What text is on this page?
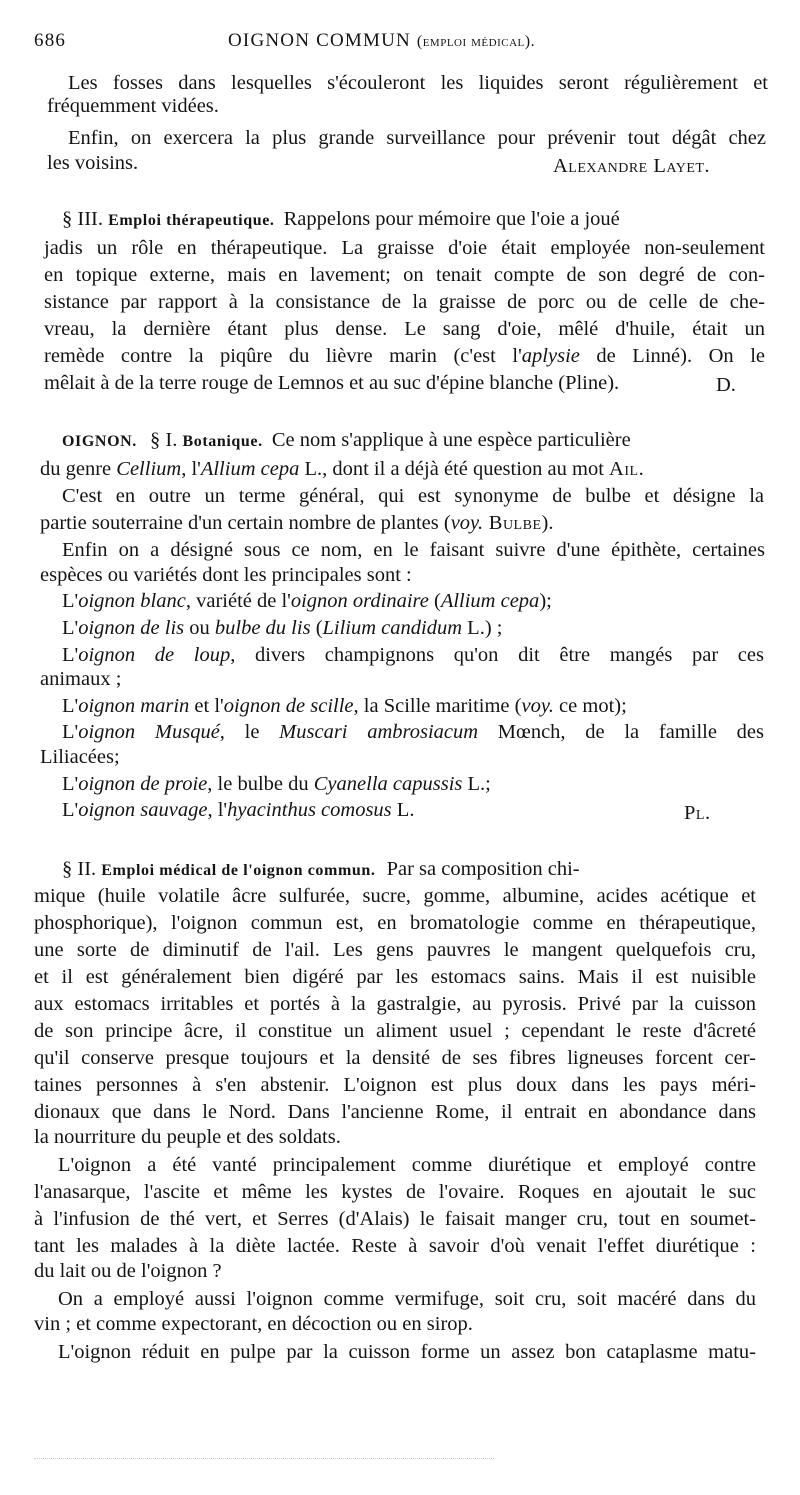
686	OIGNON COMMUN (emploi médical).
Les fosses dans lesquelles s'écouleront les liquides seront régulièrement et
fréquemment vidées.
Enfin, on exercera la plus grande surveillance pour prévenir tout dégât chez
les voisins.	Alexandre Layet.
§ III. Emploi thérapeutique. Rappelons pour mémoire que l'oie a joué
jadis un rôle en thérapeutique. La graisse d'oie était employée non-seulement
en topique externe, mais en lavement; on tenait compte de son degré de con-
sistance par rapport à la consistance de la graisse de porc ou de celle de che-
vreau, la dernière étant plus dense. Le sang d'oie, mêlé d'huile, était un
remède contre la piqûre du lièvre marin (c'est l'aplysie de Linné). On le
mêlait à de la terre rouge de Lemnos et au suc d'épine blanche (Pline).	D.
OIGNON. § I. Botanique. Ce nom s'applique à une espèce particulière
du genre Cellium, l'Allium cepa L., dont il a déjà été question au mot Ail.
C'est en outre un terme général, qui est synonyme de bulbe et désigne la
partie souterraine d'un certain nombre de plantes (voy. Bulbe).
Enfin on a désigné sous ce nom, en le faisant suivre d'une épithète, certaines
espèces ou variétés dont les principales sont :
L'oignon blanc, variété de l'oignon ordinaire (Allium cepa);
L'oignon de lis ou bulbe du lis (Lilium candidum L.) ;
L'oignon de loup, divers champignons qu'on dit être mangés par ces
animaux ;
L'oignon marin et l'oignon de scille, la Scille maritime (voy. ce mot);
L'oignon Musqué, le Muscari ambrosiacum Mœnch, de la famille des
Liliacées;
L'oignon de proie, le bulbe du Cyanella capussis L.;
L'oignon sauvage, l'hyacinthus comosus L.	Pl.
§ II. Emploi médical de l'oignon commun. Par sa composition chi-
mique (huile volatile âcre sulfurée, sucre, gomme, albumine, acides acétique et
phosphorique), l'oignon commun est, en bromatologie comme en thérapeutique,
une sorte de diminutif de l'ail. Les gens pauvres le mangent quelquefois cru,
et il est généralement bien digéré par les estomacs sains. Mais il est nuisible
aux estomacs irritables et portés à la gastralgie, au pyrosis. Privé par la cuisson
de son principe âcre, il constitue un aliment usuel ; cependant le reste d'âcreté
qu'il conserve presque toujours et la densité de ses fibres ligneuses forcent cer-
taines personnes à s'en abstenir. L'oignon est plus doux dans les pays méri-
dionaux que dans le Nord. Dans l'ancienne Rome, il entrait en abondance dans
la nourriture du peuple et des soldats.
L'oignon a été vanté principalement comme diurétique et employé contre
l'anasarque, l'ascite et même les kystes de l'ovaire. Roques en ajoutait le suc
à l'infusion de thé vert, et Serres (d'Alais) le faisait manger cru, tout en soumet-
tant les malades à la diète lactée. Reste à savoir d'où venait l'effet diurétique :
du lait ou de l'oignon ?
On a employé aussi l'oignon comme vermifuge, soit cru, soit macéré dans du
vin ; et comme expectorant, en décoction ou en sirop.
L'oignon réduit en pulpe par la cuisson forme un assez bon cataplasme matu-
